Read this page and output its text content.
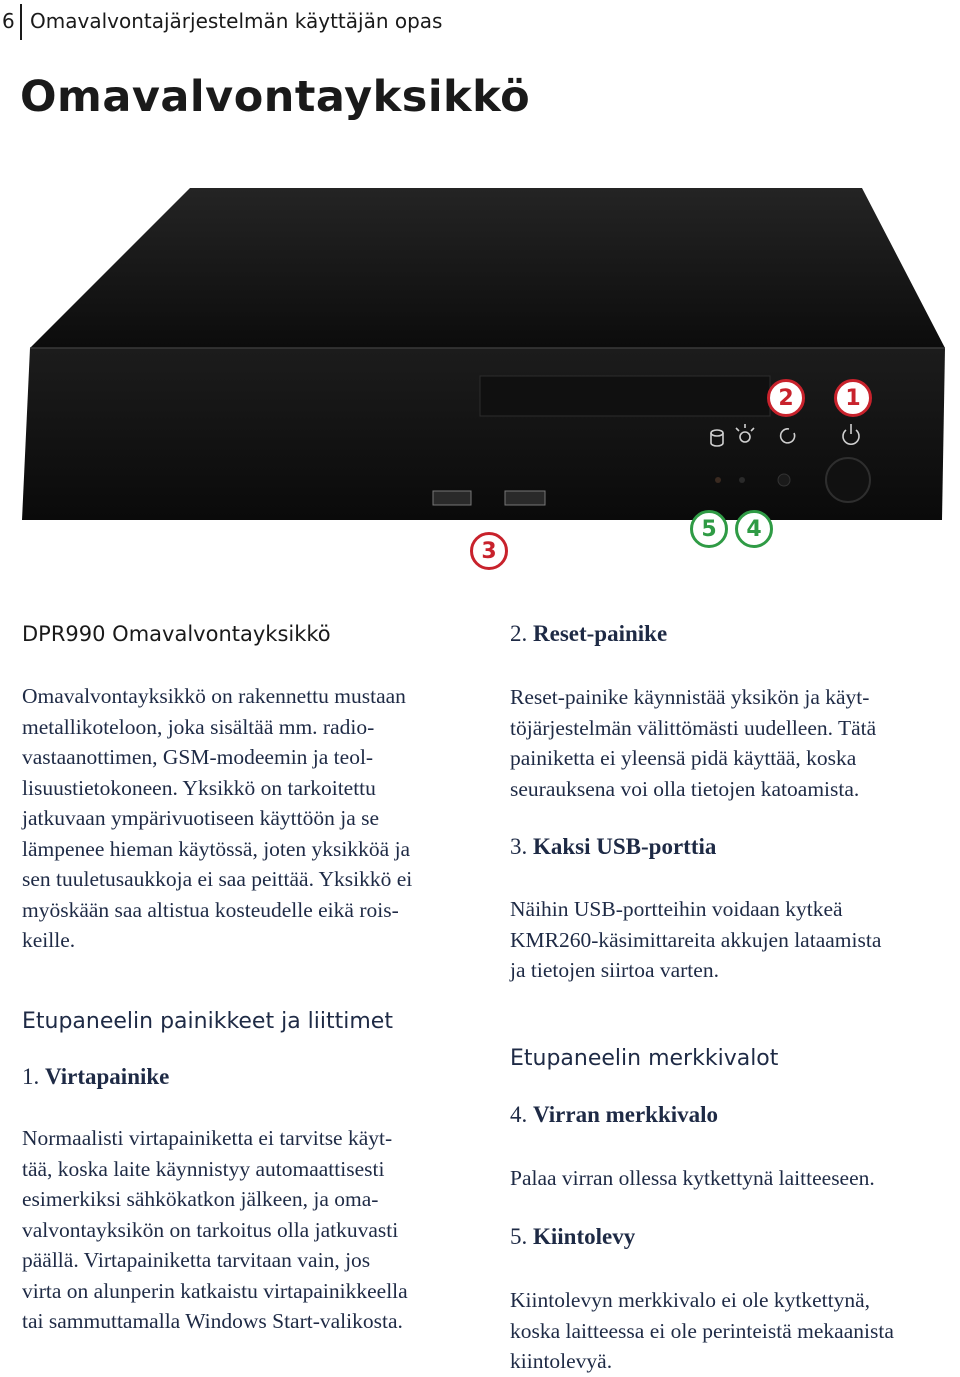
6 Omavalvontajärjestelmän käyttäjän opas
Omavalvontayksikkö
2	1
3
5	4
DPR990 Omavalvontayksikkö

Omavalvontayksikkö on rakennettu mustaan
metallikoteloon, joka sisältää mm. radio-
vastaanottimen, GSM-modeemin ja teol-
lisuustietokoneen. Yksikkö on tarkoitettu
jatkuvaan ympärivuotiseen käyttöön ja se
lämpenee hieman käytössä, joten yksikköä ja
sen tuuletusaukkoja ei saa peittää. Yksikkö ei
myöskään saa altistua kosteudelle eikä rois-
keille.

Etupaneelin painikkeet ja liittimet
1. Virtapainike

Normaalisti virtapainiketta ei tarvitse käyt-
tää, koska laite käynnistyy automaattisesti
esimerkiksi sähkökatkon jälkeen, ja oma-
valvontayksikön on tarkoitus olla jatkuvasti
päällä. Virtapainiketta tarvitaan vain, jos
virta on alunperin katkaistu virtapainikkeella
tai sammuttamalla Windows Start-valikosta.

2. Reset-painike

Reset-painike käynnistää yksikön ja käyt-
töjärjestelmän välittömästi uudelleen. Tätä
painiketta ei yleensä pidä käyttää, koska
seurauksena voi olla tietojen katoamista.

3. Kaksi USB-porttia

Näihin USB-portteihin voidaan kytkeä
KMR260-käsimittareita akkujen lataamista
ja tietojen siirtoa varten.

Etupaneelin merkkivalot
4. Virran merkkivalo

Palaa virran ollessa kytkettynä laitteeseen.

5. Kiintolevy

Kiintolevyn merkkivalo ei ole kytkettynä,
koska laitteessa ei ole perinteistä mekaanista
kiintolevyä.
